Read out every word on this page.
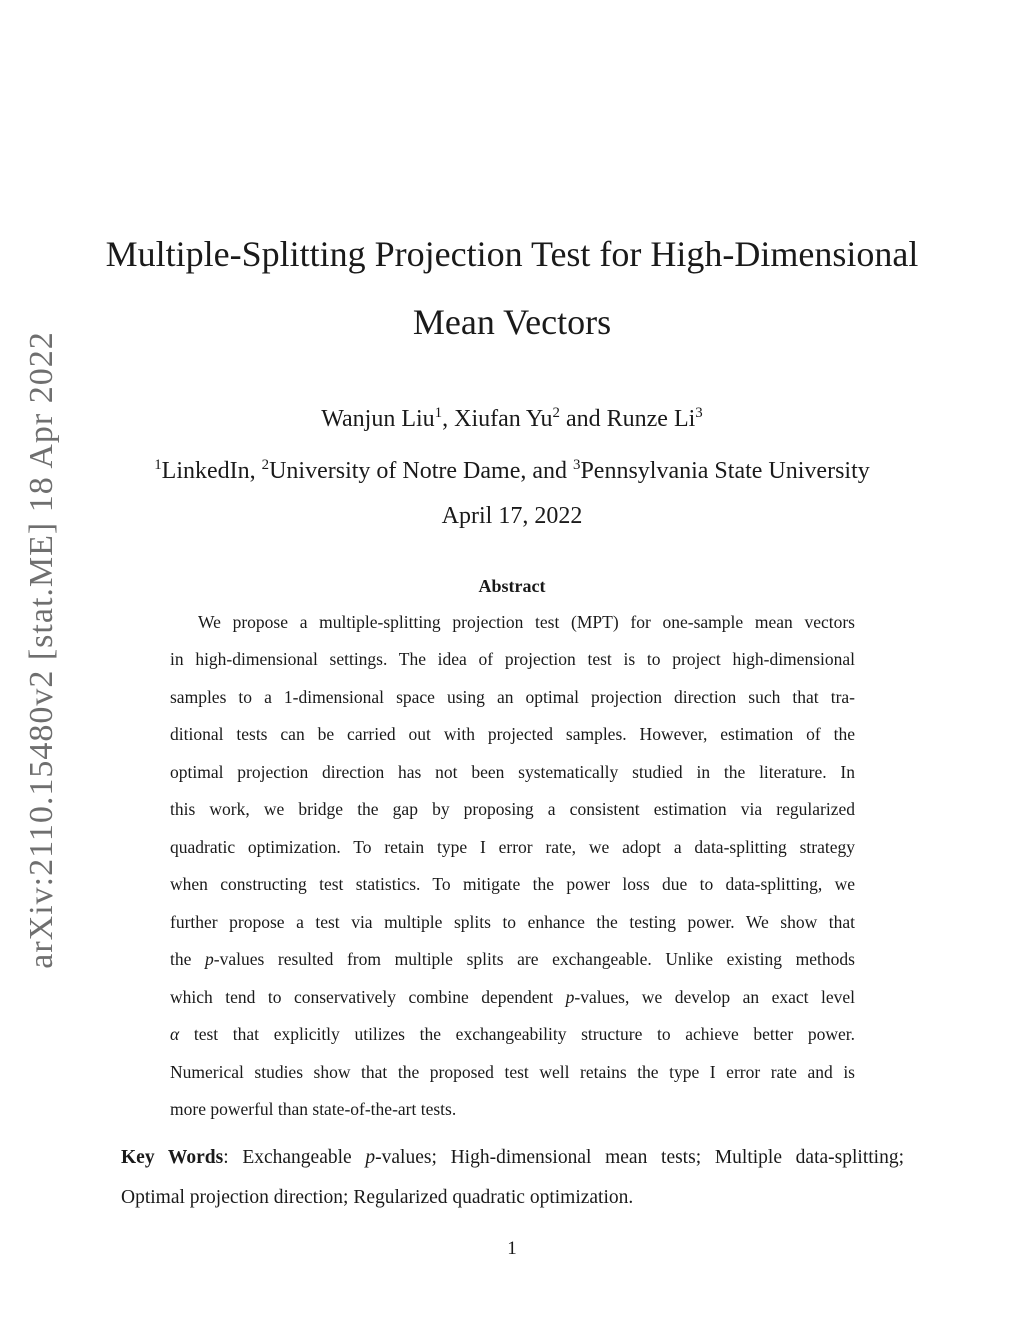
arXiv:2110.15480v2 [stat.ME] 18 Apr 2022
Multiple-Splitting Projection Test for High-Dimensional
Mean Vectors
Wanjun Liu$^1$, Xiufan Yu$^2$ and Runze Li$^3$
$^1$LinkedIn, $^2$University of Notre Dame, and $^3$Pennsylvania State University
April 17, 2022
Abstract
We propose a multiple-splitting projection test (MPT) for one-sample mean vectors
in high-dimensional settings. The idea of projection test is to project high-dimensional
samples to a 1-dimensional space using an optimal projection direction such that tra-
ditional tests can be carried out with projected samples. However, estimation of the
optimal projection direction has not been systematically studied in the literature. In
this work, we bridge the gap by proposing a consistent estimation via regularized
quadratic optimization. To retain type I error rate, we adopt a data-splitting strategy
when constructing test statistics. To mitigate the power loss due to data-splitting, we
further propose a test via multiple splits to enhance the testing power. We show that
the p-values resulted from multiple splits are exchangeable. Unlike existing methods
which tend to conservatively combine dependent p-values, we develop an exact level
α test that explicitly utilizes the exchangeability structure to achieve better power.
Numerical studies show that the proposed test well retains the type I error rate and is
more powerful than state-of-the-art tests.
Key Words: Exchangeable p-values; High-dimensional mean tests; Multiple data-splitting;
Optimal projection direction; Regularized quadratic optimization.
1
